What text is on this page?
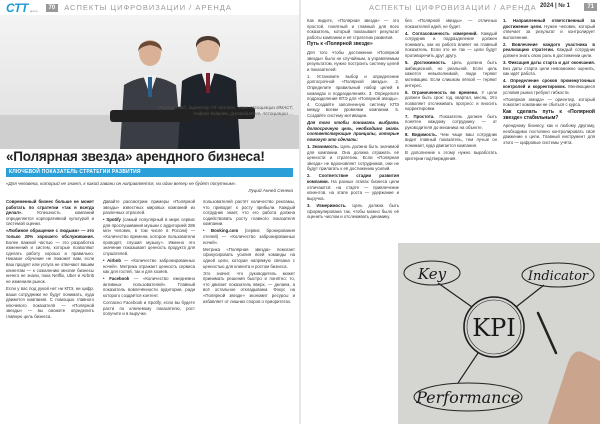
CTT group	70	АСПЕКТЫ ЦИФРОВИЗАЦИИ / АРЕНДА
Руслан Гайд, директор ГК «Бэлла», член Ассоциации ИМАСТ, Андрей Ковалёв, руководитель Ассоциации ...
«Полярная звезда» арендного бизнеса!
КЛЮЧЕВОЙ ПОКАЗАТЕЛЬ СТРАТЕГИИ РАЗВИТИЯ
«Для человека, который не знает, к какой гавани он направляется, ни один ветер не будет попутным».
Луций Анней Сенека

Современный бизнес больше не может работать по стратегии «так я всегда делал». Успешность компаний определяется корпоративной культурой и системой оценки.

«Любимое обращение с людьми» — это только 20% хорошего обслуживания. Более важной частью — это разработка изменений и систем, которые позволяют сделать работу хорошо и правильно. Никакое обучение не поможет вам, если ваш продукт или услуга не отвечают вашим клиентам — к сожалению многие бизнесы ничего не знали, пока Netflix, Uber и Airbnb не изменили рынок.

Если у вас под рукой нет ни КПЭ, ни цифр, ваши сотрудники не будут понимать, куда движется компания. С помощью главного ключевого показателя — «Полярной звезды» — вы сможете определить главную цель бизнеса.

Давайте рассмотрим примеры «Полярной звезды» известных мировых компаний из различных отраслей.

• Spotify (самый популярный в мире сервис для прослушивания музыки с аудиторией 286 млн человек, в том числе в России) — «Количество времени, которое пользователи проводят, слушая музыку». Именно это значение показывает ценность продукта для слушателей.

• Airbnb — «Количество забронированных ночей». Метрика отражает ценность сервиса как для гостей, так и для хозяев.

• Facebook — «Количество ежедневно активных пользователей». Главный показатель вовлечённости аудитории, ради которого создаётся контент.

Согласно Facebook и Spotify, если вы будете расти по ключевому показателю, рост получите и в выручке.

пользователей растёт количество рекламы, что приводит к росту прибыли. Каждый сотрудник знает, что его работа должна содействовать росту главного показателя компании.

• Booking.com (сервис бронирования отелей) — «Количество забронированных ночей».

Метрика «Полярная звезда» помогает сфокусировать усилия всей команды на одной цели, которая напрямую связана с ценностью для клиента и ростом бизнеса.

Это значит, что руководитель может принимать решения быстро и понятно: то, что двигает показатель вверх, — делаем, а всё остальное откладываем. Фокус на «Полярной звезде» экономит ресурсы и избавляет от лишних споров о приоритетах.

АСПЕКТЫ ЦИФРОВИЗАЦИИ / АРЕНДА 2024 | № 1	71

Как видите, «Полярная звезда» — это простой, понятный и главный для всех показатель, который показывает результат работы компании и её стратегию развития.

Путь к «Полярной звезде»

Для того чтобы достижение «Полярной звезды» было не случайным, а управляемым результатом, нужно построить систему целей и показателей:

1. Установите выбор и определение долгосрочной «Полярной звезды». 2. Определите правильный набор целей в командах и подразделениях. 3. Определите подразделения КПЭ для «Полярной звезды». 4. Создайте заполненную систему КПЭ между всеми уровнями компании. 5. Создайте систему мотивации.

Для того чтобы понимать выбрать долгосрочную цель, необходимо знать соответствующие принципы, которые помогут это сделать:

1. Значимость. Цель должна быть значимой для компании. Она должна отражать её ценности и стратегию. Если «Полярная звезда» не вдохновляет сотрудников, они не будут прилагать к её достижению усилий.

2. Соответствие стадии развития компании. На разных этапах бизнеса цели отличаются: на старте — привлечение клиентов, на этапе роста — удержание и выручка.

3. Измеримость. Цель должна быть сформулирована так, чтобы можно было её оценить числом и отслеживать динамику.

без «Полярной звезды» — отличных показателей идей, не будет.

4. Согласованность измерений. Каждый сотрудник и подразделение должен понимать, как их работа влияет на главный показатель. Если это не так — цели будут противоречить друг другу.

5. Достижимость. Цель должна быть амбициозной, но реальной. Если цель кажется невыполнимой, люди теряют мотивацию. Если слишком лёгкой — теряют интерес.

6. Ограниченность во времени. У цели должен быть срок: год, квартал, месяц. Это позволяет отслеживать прогресс и вносить корректировки.

7. Простота. Показатель должен быть понятен каждому сотруднику — от руководителя до механика на объекте.

8. Видимость. Чем чаще ваш сотрудник видит главный показатель, тем лучше он понимает, куда двигается компания.

В дополнение к этому нужно выработать критерии подтверждения.

1. Направленный ответственный за достижение цели. Нужен человек, который отвечает за результат и контролирует выполнение.

2. Вовлечение каждого участника в реализацию стратегии. Каждый сотрудник должен знать свою роль в достижении цели.

3. Фиксация даты старта и дат окончания. Без даты старта цели невозможно оценить, как идёт работа.

4. Определение сроков промежуточных контролей и корректировок. Меняющиеся условия рынка требуют гибкости.

«Полярная звезда» — ориентир, который помогает компании не сбиться с курса.

Как сделать путь к «Полярной звезде» стабильным?

Арендному бизнесу, как и любому другому, необходимо постоянно контролировать своё движение к цели. Главный инструмент для этого — цифровые системы учёта.

KPI
Key	Indicator
Performance
